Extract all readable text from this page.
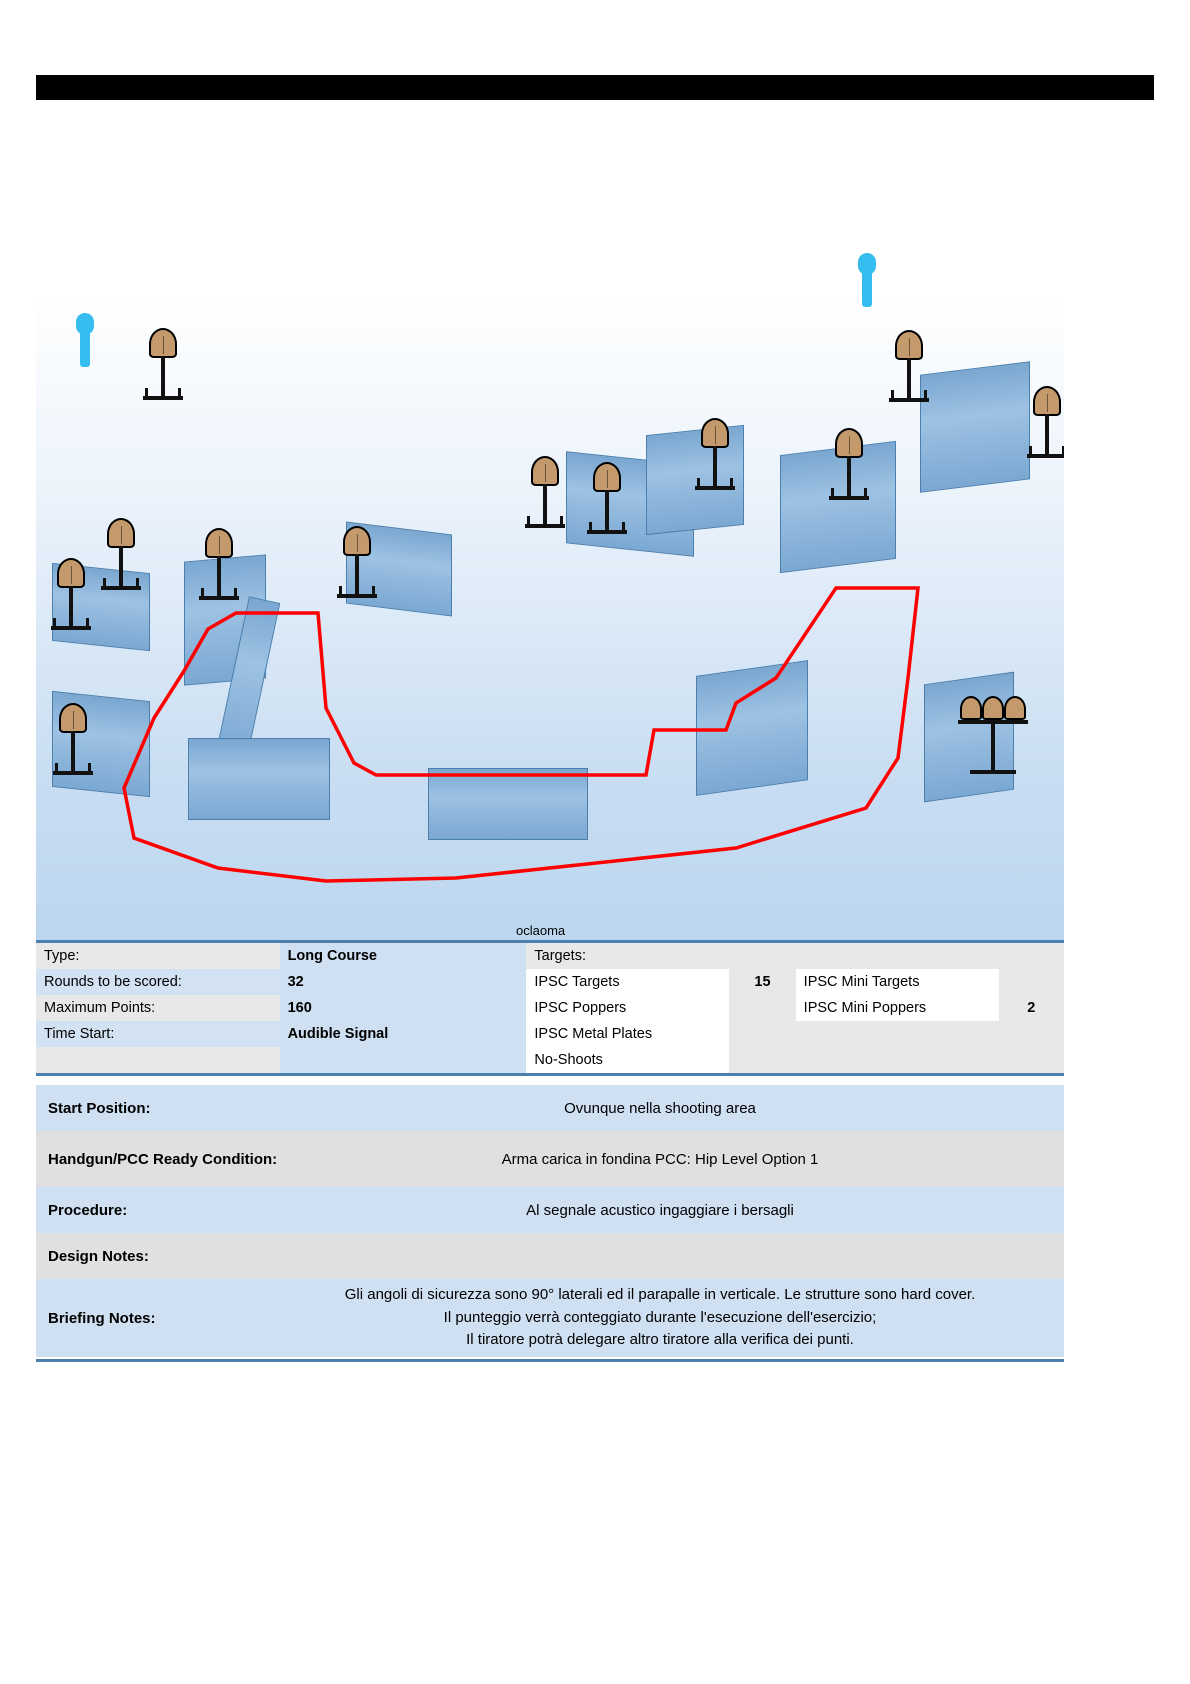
oclaoma
Type:	Long Course	Targets:			
Rounds to be scored:	32	IPSC Targets	15	IPSC Mini Targets	
Maximum Points:	160	IPSC Poppers		IPSC Mini Poppers	2
Time Start:	Audible Signal	IPSC Metal Plates			
		No-Shoots			
Start Position:	Ovunque nella shooting area
Handgun/PCC Ready Condition:	Arma carica in fondina PCC: Hip Level Option 1
Procedure:	Al segnale acustico ingaggiare i bersagli
Design Notes:
Briefing Notes:
Gli angoli di sicurezza sono 90° laterali ed il parapalle in verticale. Le strutture sono hard cover.
Il punteggio verrà conteggiato durante l'esecuzione dell'esercizio;
Il tiratore potrà delegare altro tiratore alla verifica dei punti.
